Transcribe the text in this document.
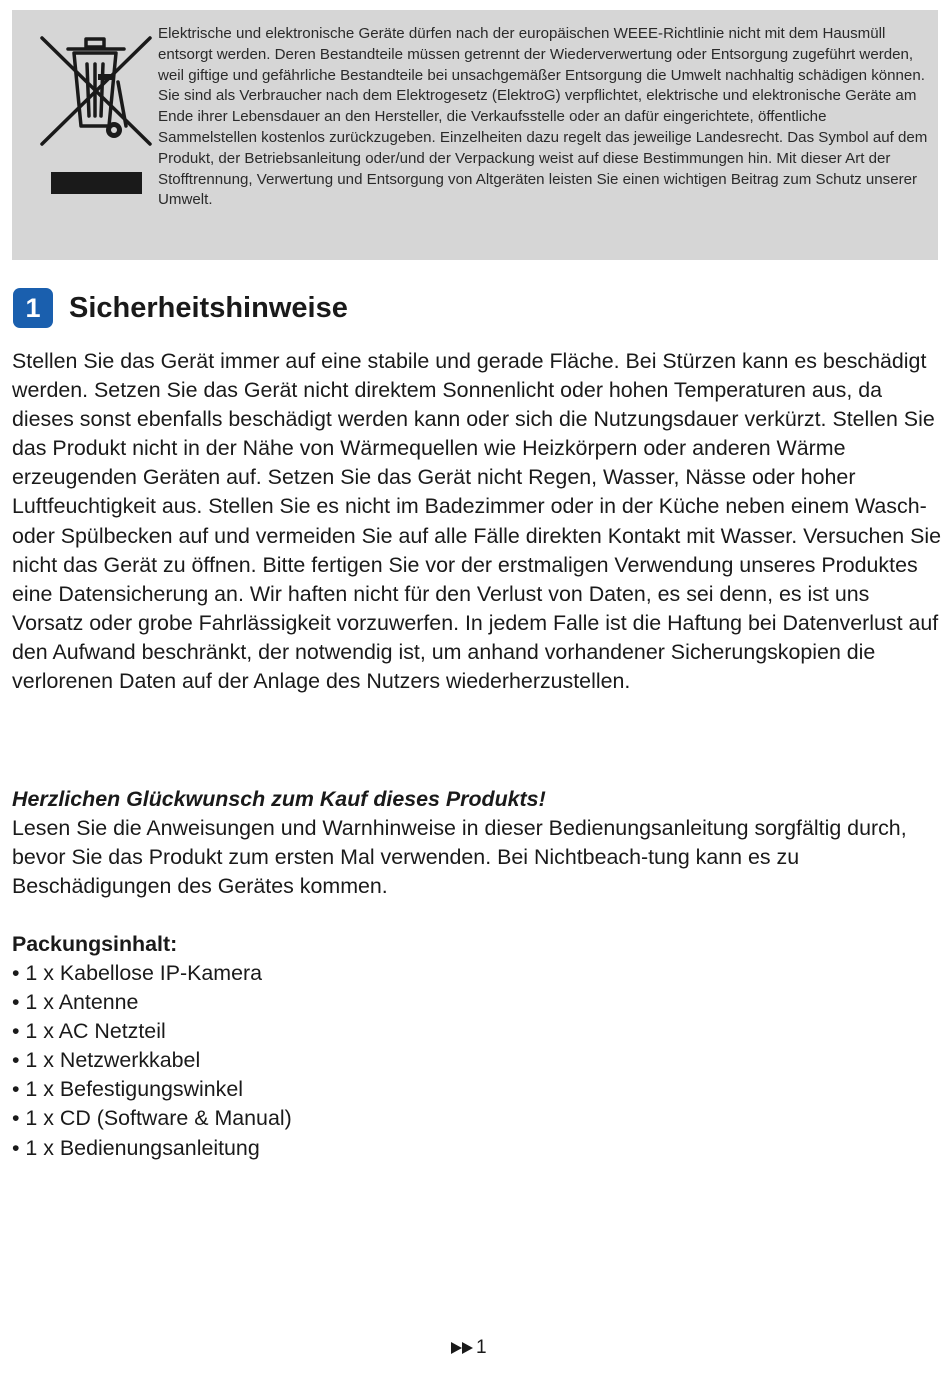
Elektrische und elektronische Geräte dürfen nach der europäischen WEEE-Richtlinie nicht mit dem Hausmüll entsorgt werden. Deren Bestandteile müssen getrennt der Wiederverwertung oder Entsorgung zugeführt werden, weil giftige und gefährliche Bestandteile bei unsachgemäßer Entsorgung die Umwelt nachhaltig schädigen können.

Sie sind als Verbraucher nach dem Elektrogesetz (ElektroG) verpflichtet, elektrische und elektronische Geräte am Ende ihrer Lebensdauer an den Hersteller, die Verkaufsstelle oder an dafür eingerichtete, öffentliche Sammelstellen kostenlos zurückzugeben. Einzelheiten dazu regelt das jeweilige Landesrecht. Das Symbol auf dem Produkt, der Betriebsanleitung oder/und der Verpackung weist auf diese Bestimmungen hin. Mit dieser Art der Stofftrennung, Verwertung und Entsorgung von Altgeräten leisten Sie einen wichtigen Beitrag zum Schutz unserer Umwelt.

1 Sicherheitshinweise

Stellen Sie das Gerät immer auf eine stabile und gerade Fläche. Bei Stürzen kann es beschädigt werden. Setzen Sie das Gerät nicht direktem Sonnenlicht oder hohen Temperaturen aus, da dieses sonst ebenfalls beschädigt werden kann oder sich die Nutzungsdauer verkürzt. Stellen Sie das Produkt nicht in der Nähe von Wärmequellen wie Heizkörpern oder anderen Wärme erzeugenden Geräten auf. Setzen Sie das Gerät nicht Regen, Wasser, Nässe oder hoher Luftfeuchtigkeit aus. Stellen Sie es nicht im Badezimmer oder in der Küche neben einem Wasch- oder Spülbecken auf und vermeiden Sie auf alle Fälle direkten Kontakt mit Wasser. Versuchen Sie nicht das Gerät zu öffnen. Bitte fertigen Sie vor der erstmaligen Verwendung unseres Produktes eine Datensicherung an. Wir haften nicht für den Verlust von Daten, es sei denn, es ist uns Vorsatz oder grobe Fahrlässigkeit vorzuwerfen. In jedem Falle ist die Haftung bei Datenverlust auf den Aufwand beschränkt, der notwendig ist, um anhand vorhandener Sicherungskopien die verlorenen Daten auf der Anlage des Nutzers wiederherzustellen.

Herzlichen Glückwunsch zum Kauf dieses Produkts!

Lesen Sie die Anweisungen und Warnhinweise in dieser Bedienungsanleitung sorgfältig durch, bevor Sie das Produkt zum ersten Mal verwenden. Bei Nichtbeach-tung kann es zu Beschädigungen des Gerätes kommen.

Packungsinhalt:
• 1 x Kabellose IP-Kamera
• 1 x Antenne
• 1 x AC Netzteil
• 1 x Netzwerkkabel
• 1 x Befestigungswinkel
• 1 x CD (Software & Manual)
• 1 x Bedienungsanleitung
1
